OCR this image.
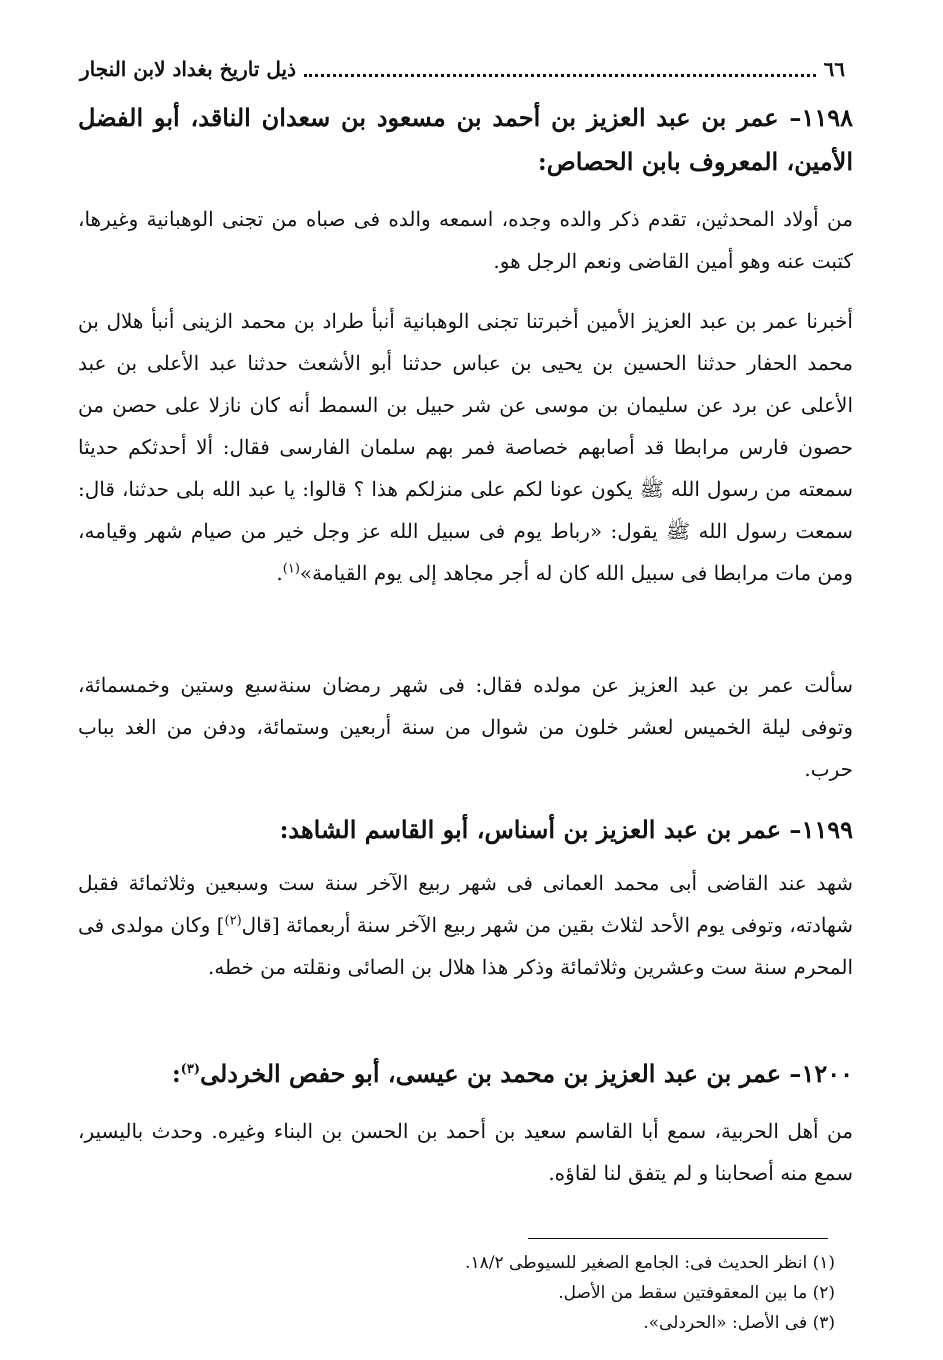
٦٦
ذيل تاريخ بغداد لابن النجار
١١٩٨– عمر بن عبد العزيز بن أحمد بن مسعود بن سعدان الناقد، أبو الفضل الأمين، المعروف بابن الحصاص:
من أولاد المحدثين، تقدم ذكر والده وجده، اسمعه والده فى صباه من تجنى الوهبانية وغيرها، كتبت عنه وهو أمين القاضى ونعم الرجل هو.
أخبرنا عمر بن عبد العزيز الأمين أخبرتنا تجنى الوهبانية أنبأ طراد بن محمد الزينى أنبأ هلال بن محمد الحفار حدثنا الحسين بن يحيى بن عباس حدثنا أبو الأشعث حدثنا عبد الأعلى بن عبد الأعلى عن برد عن سليمان بن موسى عن شر حبيل بن السمط أنه كان نازلا على حصن من حصون فارس مرابطا قد أصابهم خصاصة فمر بهم سلمان الفارسى فقال: ألا أحدثكم حديثا سمعته من رسول الله ﷺ يكون عونا لكم على منزلكم هذا ؟ قالوا: يا عبد الله بلى حدثنا، قال: سمعت رسول الله ﷺ يقول: «رباط يوم فى سبيل الله عز وجل خير من صيام شهر وقيامه، ومن مات مرابطا فى سبيل الله كان له أجر مجاهد إلى يوم القيامة»$^{(١)}$.
سألت عمر بن عبد العزيز عن مولده فقال: فى شهر رمضان سنةسبع وستين وخمسمائة، وتوفى ليلة الخميس لعشر خلون من شوال من سنة أربعين وستمائة، ودفن من الغد بباب حرب.
١١٩٩– عمر بن عبد العزيز بن أسناس، أبو القاسم الشاهد:
شهد عند القاضى أبى محمد العمانى فى شهر ربيع الآخر سنة ست وسبعين وثلاثمائة فقبل شهادته، وتوفى يوم الأحد لثلاث بقين من شهر ربيع الآخر سنة أربعمائة [قال$^{(٢)}$] وكان مولدى فى المحرم سنة ست وعشرين وثلاثمائة وذكر هذا هلال بن الصائى ونقلته من خطه.
١٢٠٠– عمر بن عبد العزيز بن محمد بن عيسى، أبو حفص الخردلى$^{(٣)}$:
من أهل الحربية، سمع أبا القاسم سعيد بن أحمد بن الحسن بن البناء وغيره. وحدث باليسير، سمع منه أصحابنا و لم يتفق لنا لقاؤه.
(١) انظر الحديث فى: الجامع الصغير للسيوطى ١٨/٢.
(٢) ما بين المعقوفتين سقط من الأصل.
(٣) فى الأصل: «الحردلى».
